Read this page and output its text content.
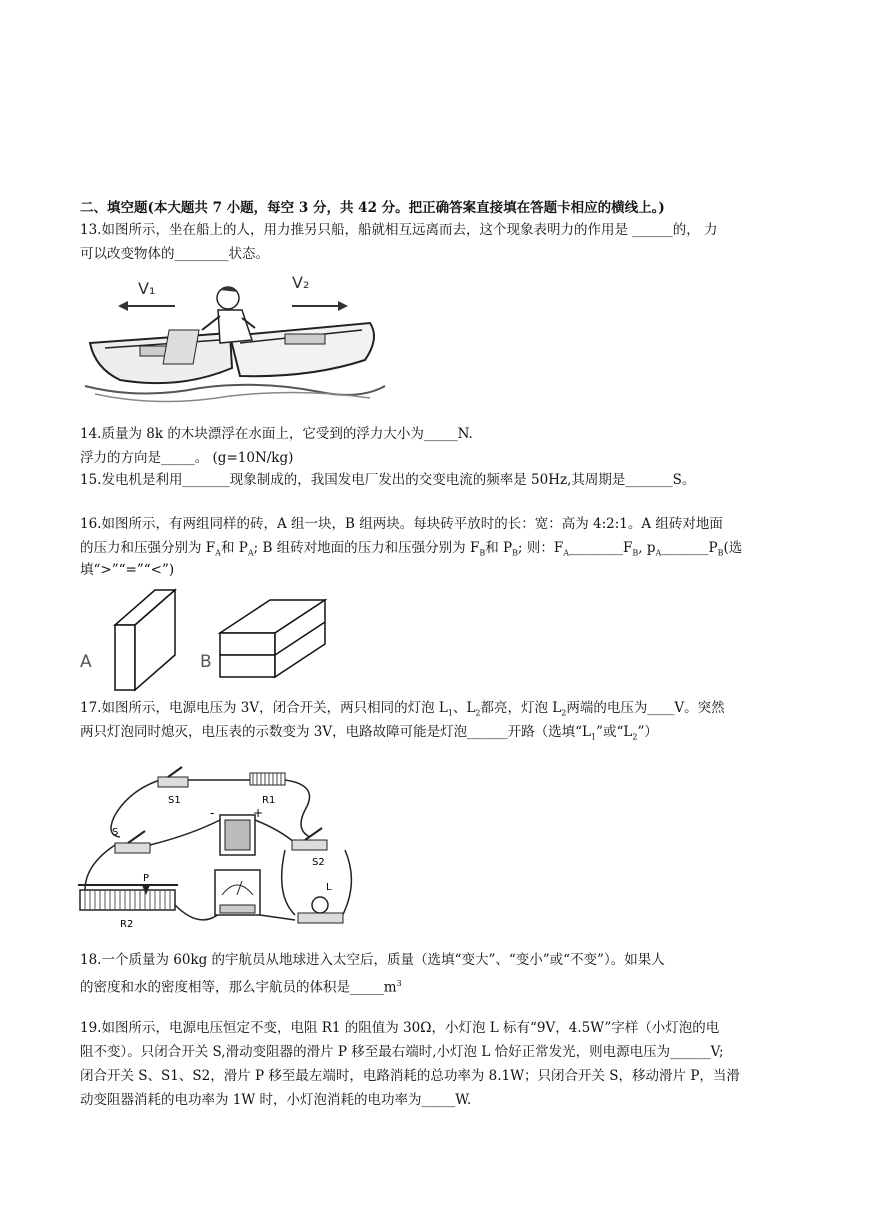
二、填空题(本大题共 7 小题，每空 3 分，共 42 分。把正确答案直接填在答题卡相应的横线上。)
13.如图所示，坐在船上的人，用力推另只船，船就相互远离而去，这个现象表明力的作用是 ______的， 力
可以改变物体的________状态。
V₁	V₂
14.质量为 8k 的木块漂浮在水面上，它受到的浮力大小为_____N.
浮力的方向是_____。 (g=10N/kg)
15.发电机是利用_______现象制成的，我国发电厂发出的交变电流的频率是 50Hz,其周期是_______S。
16.如图所示，有两组同样的砖，A 组一块，B 组两块。每块砖平放时的长：宽：高为 4:2:1。A 组砖对地面
的压力和压强分别为 $F_A$和 $P_A$; B 组砖对地面的压力和压强分别为 $F_B$和 $P_B$; 则：$F_A\_\_\_\_\_\_\_\_F_B$, $p_A\_\_\_\_\_\_\_P_B$(选
填“>”“=”“<”)
A	B
17.如图所示，电源电压为 3V，闭合开关，两只相同的灯泡 $L_1$、$L_2$都亮，灯泡 $L_2$两端的电压为____V。突然
两只灯泡同时熄灭，电压表的示数变为 3V，电路故障可能是灯泡______开路（选填“$L_1$”或“$L_2$”）
S1	R1
-	+
S
S2
P
R2
L
18.一个质量为 60kg 的宇航员从地球进入太空后，质量（选填“变大”、“变小”或“不变”）。如果人
的密度和水的密度相等，那么宇航员的体积是$\_\_\_\_\_m^3$
19.如图所示，电源电压恒定不变，电阻 R1 的阻值为 30Ω，小灯泡 L 标有“9V，4.5W”字样（小灯泡的电
阻不变）。只闭合开关 S,滑动变阻器的滑片 P 移至最右端时,小灯泡 L 恰好正常发光，则电源电压为______V;
闭合开关 S、S1、S2，滑片 P 移至最左端时，电路消耗的总功率为 8.1W；只闭合开关 S，移动滑片 P，当滑
动变阻器消耗的电功率为 1W 时，小灯泡消耗的电功率为_____W.
